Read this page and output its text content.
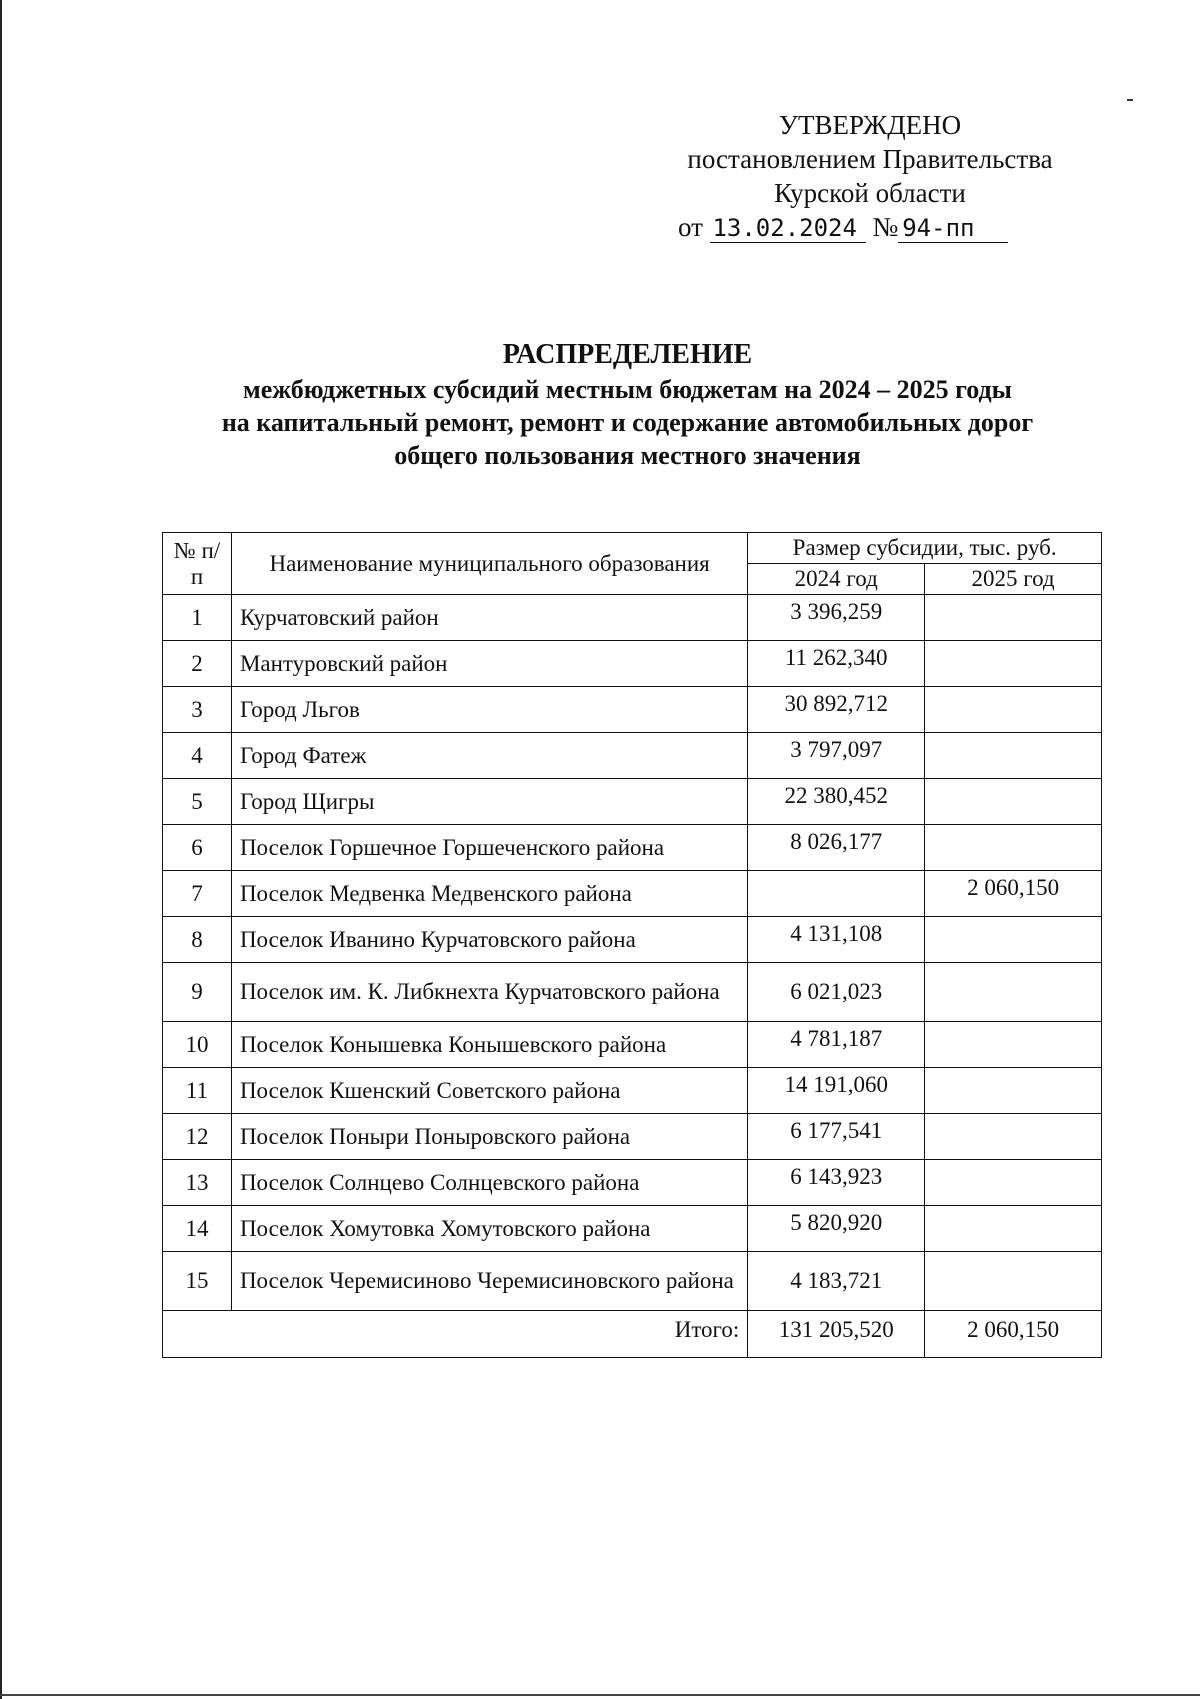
УТВЕРЖДЕНО
постановлением Правительства
Курской области
от 13.02.2024 № 94-пп
РАСПРЕДЕЛЕНИЕ
межбюджетных субсидий местным бюджетам на 2024 – 2025 годы
на капитальный ремонт, ремонт и содержание автомобильных дорог
общего пользования местного значения
№ п/п	Наименование муниципального образования	Размер субсидии, тыс. руб.	
		2024 год	2025 год
1	Курчатовский район	3 396,259	
2	Мантуровский район	11 262,340	
3	Город Льгов	30 892,712	
4	Город Фатеж	3 797,097	
5	Город Щигры	22 380,452	
6	Поселок Горшечное Горшеченского района	8 026,177	
7	Поселок Медвенка Медвенского района		2 060,150
8	Поселок Иванино Курчатовского района	4 131,108	
9	Поселок им. К. Либкнехта Курчатовского района	6 021,023	
10	Поселок Конышевка Конышевского района	4 781,187	
11	Поселок Кшенский Советского района	14 191,060	
12	Поселок Поныри Поныровского района	6 177,541	
13	Поселок Солнцево Солнцевского района	6 143,923	
14	Поселок Хомутовка Хомутовского района	5 820,920	
15	Поселок Черемисиново Черемисиновского района	4 183,721	
Итого:		131 205,520	2 060,150
